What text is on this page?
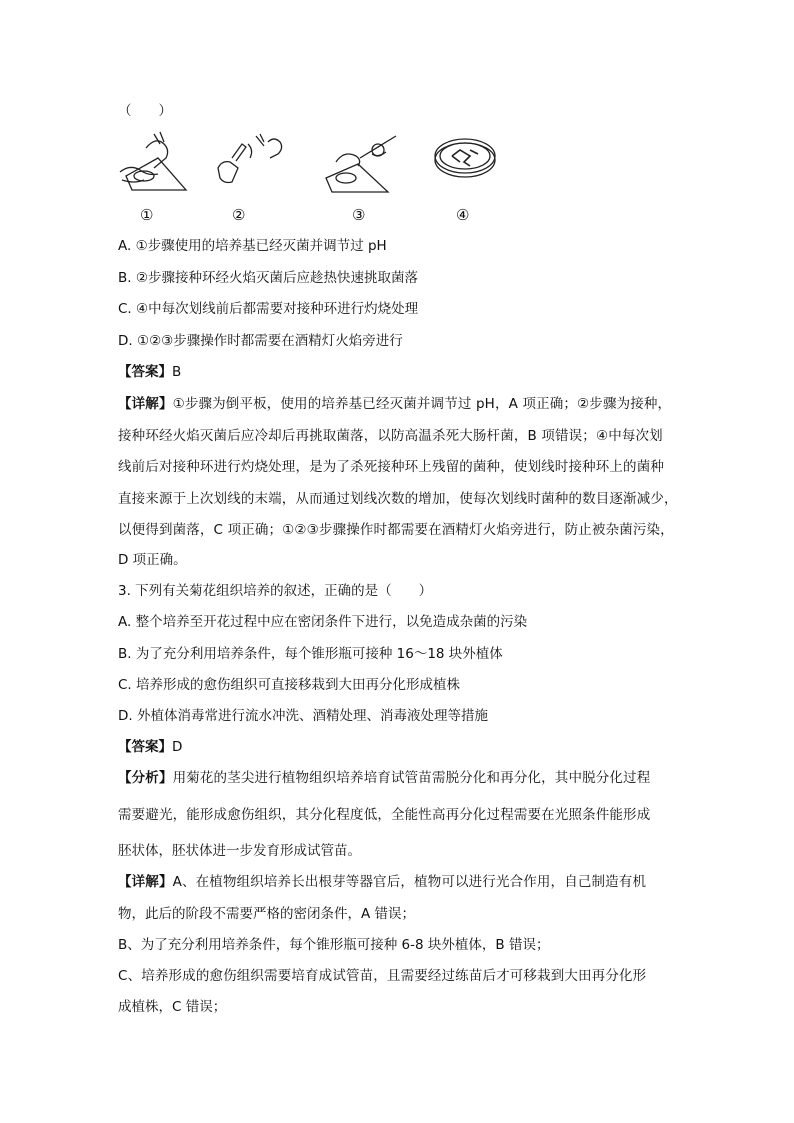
（　　）
①	②	③	④
A. ①步骤使用的培养基已经灭菌并调节过 pH
B. ②步骤接种环经火焰灭菌后应趁热快速挑取菌落
C. ④中每次划线前后都需要对接种环进行灼烧处理
D. ①②③步骤操作时都需要在酒精灯火焰旁进行
【答案】B
【详解】①步骤为倒平板，使用的培养基已经灭菌并调节过 pH，A 项正确；②步骤为接种，
接种环经火焰灭菌后应冷却后再挑取菌落，以防高温杀死大肠杆菌，B 项错误；④中每次划
线前后对接种环进行灼烧处理，是为了杀死接种环上残留的菌种，使划线时接种环上的菌种
直接来源于上次划线的末端，从而通过划线次数的增加，使每次划线时菌种的数目逐渐减少，
以便得到菌落，C 项正确；①②③步骤操作时都需要在酒精灯火焰旁进行，防止被杂菌污染，
D 项正确。
3. 下列有关菊花组织培养的叙述，正确的是（　　）
A. 整个培养至开花过程中应在密闭条件下进行，以免造成杂菌的污染
B. 为了充分利用培养条件，每个锥形瓶可接种 16～18 块外植体
C. 培养形成的愈伤组织可直接移栽到大田再分化形成植株
D. 外植体消毒常进行流水冲洗、酒精处理、消毒液处理等措施
【答案】D
【分析】用菊花的茎尖进行植物组织培养培育试管苗需脱分化和再分化，其中脱分化过程
需要避光，能形成愈伤组织，其分化程度低，全能性高再分化过程需要在光照条件能形成
胚状体，胚状体进一步发育形成试管苗。
【详解】A、在植物组织培养长出根芽等器官后，植物可以进行光合作用，自己制造有机
物，此后的阶段不需要严格的密闭条件，A 错误；
B、为了充分利用培养条件，每个锥形瓶可接种 6-8 块外植体，B 错误；
C、培养形成的愈伤组织需要培育成试管苗，且需要经过练苗后才可移栽到大田再分化形
成植株，C 错误；
